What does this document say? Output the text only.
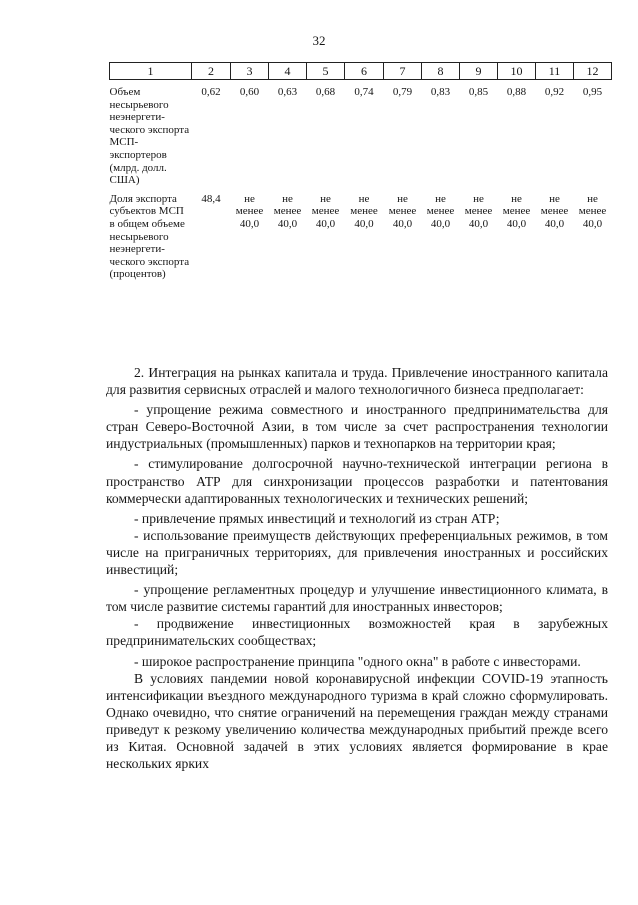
32
1	2	3	4	5	6	7	8	9	10	11	12
Объем несырьевого неэнергети-ческого экспорта МСП-экспортеров (млрд. долл. США)	0,62	0,60	0,63	0,68	0,74	0,79	0,83	0,85	0,88	0,92	0,95
Доля экспорта субъектов МСП в общем объеме несырьевого неэнергети-ческого экспорта (процентов)	48,4	не менее 40,0	не менее 40,0	не менее 40,0	не менее 40,0	не менее 40,0	не менее 40,0	не менее 40,0	не менее 40,0	не менее 40,0	не менее 40,0

2. Интеграция на рынках капитала и труда. Привлечение иностранного капитала для развития сервисных отраслей и малого технологичного бизнеса предполагает:

- упрощение режима совместного и иностранного предпринимательства для стран Северо-Восточной Азии, в том числе за счет распространения технологии индустриальных (промышленных) парков и технопарков на территории края;

- стимулирование долгосрочной научно-технической интеграции региона в пространство АТР для синхронизации процессов разработки и патентования коммерчески адаптированных технологических и технических решений;

- привлечение прямых инвестиций и технологий из стран АТР;

- использование преимуществ действующих преференциальных режимов, в том числе на приграничных территориях, для привлечения иностранных и российских инвестиций;

- упрощение регламентных процедур и улучшение инвестиционного климата, в том числе развитие системы гарантий для иностранных инвесторов;

- продвижение инвестиционных возможностей края в зарубежных предпринимательских сообществах;

- широкое распространение принципа "одного окна" в работе с инвесторами.

В условиях пандемии новой коронавирусной инфекции COVID-19 этапность интенсификации въездного международного туризма в край сложно сформулировать. Однако очевидно, что снятие ограничений на перемещения граждан между странами приведут к резкому увеличению количества международных прибытий прежде всего из Китая. Основной задачей в этих условиях является формирование в крае нескольких ярких
